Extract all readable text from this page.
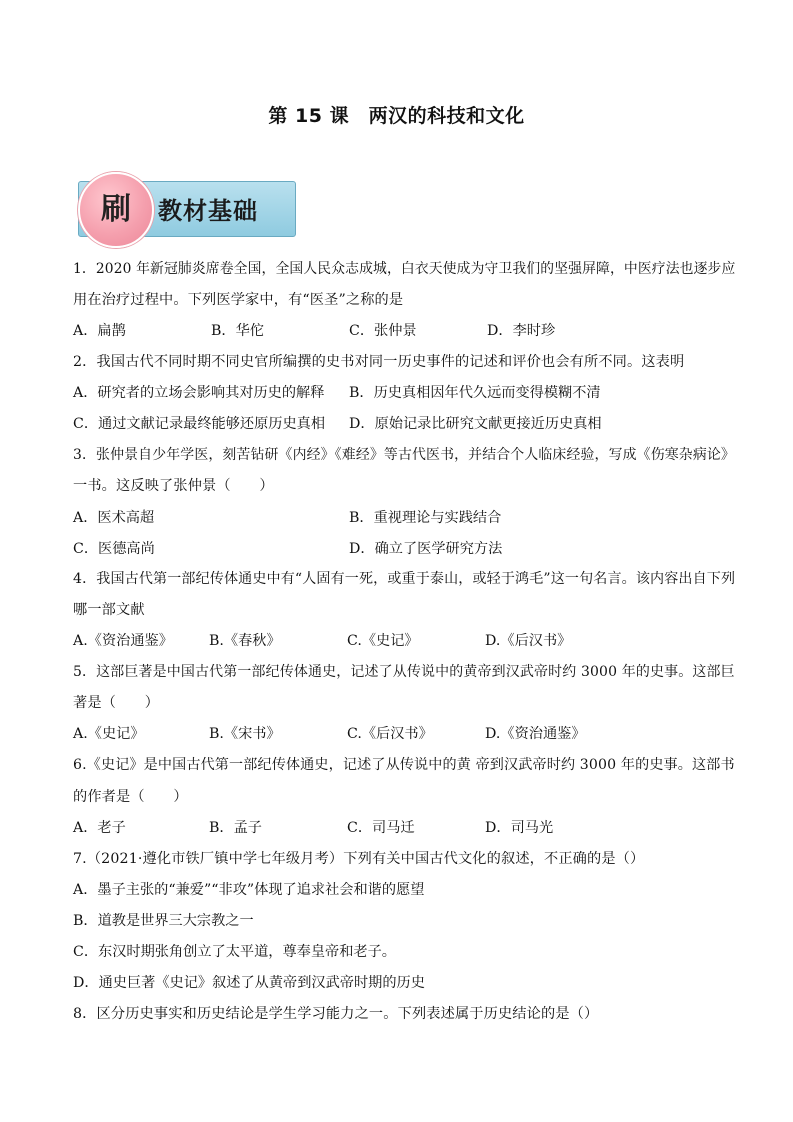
第 15 课　两汉的科技和文化
刷	教材基础
1．2020 年新冠肺炎席卷全国，全国人民众志成城，白衣天使成为守卫我们的坚强屏障，中医疗法也逐步应
用在治疗过程中。下列医学家中，有“医圣”之称的是
A．扁鹊	B．华佗	C．张仲景	D．李时珍
2．我国古代不同时期不同史官所编撰的史书对同一历史事件的记述和评价也会有所不同。这表明
A．研究者的立场会影响其对历史的解释 B．历史真相因年代久远而变得模糊不清
C．通过文献记录最终能够还原历史真相 D．原始记录比研究文献更接近历史真相
3．张仲景自少年学医，刻苦钻研《内经》《难经》等古代医书，并结合个人临床经验，写成《伤寒杂病论》
一书。这反映了张仲景（　　）
A．医术高超	B．重视理论与实践结合
C．医德高尚	D．确立了医学研究方法
4．我国古代第一部纪传体通史中有“人固有一死，或重于泰山，或轻于鸿毛”这一句名言。该内容出自下列
哪一部文献
A.《资治通鉴》	B.《春秋》	C.《史记》	D.《后汉书》
5．这部巨著是中国古代第一部纪传体通史，记述了从传说中的黄帝到汉武帝时约 3000 年的史事。这部巨
著是（　　）
A.《史记》	B.《宋书》	C.《后汉书》	D.《资治通鉴》
6.《史记》是中国古代第一部纪传体通史，记述了从传说中的黄 帝到汉武帝时约 3000 年的史事。这部书
的作者是（　　）
A．老子	B．孟子	C．司马迁	D．司马光
7.（2021·遵化市铁厂镇中学七年级月考）下列有关中国古代文化的叙述，不正确的是（）
A．墨子主张的“兼爱”“非攻”体现了追求社会和谐的愿望
B．道教是世界三大宗教之一
C．东汉时期张角创立了太平道，尊奉皇帝和老子。
D．通史巨著《史记》叙述了从黄帝到汉武帝时期的历史
8．区分历史事实和历史结论是学生学习能力之一。下列表述属于历史结论的是（）
